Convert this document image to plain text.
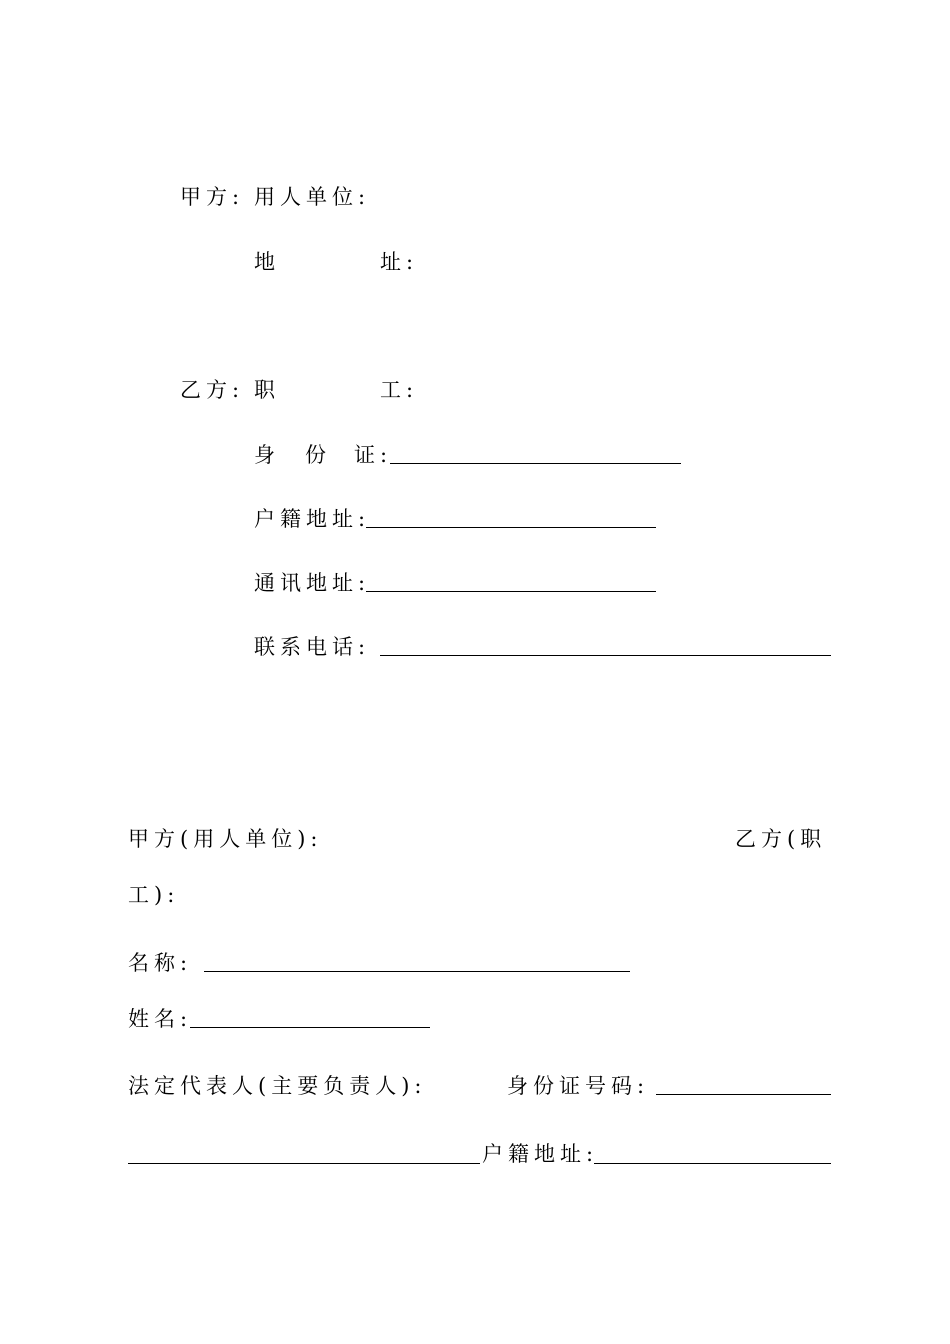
甲方: 用人单位:
地	址:
乙方: 职	工:
身 份 证:
户籍地址:
通讯地址:
联系电话:
甲方(用人单位):	乙方(职
工):
名称:
姓名:
法定代表人(主要负责人):	身份证号码:
户籍地址:
